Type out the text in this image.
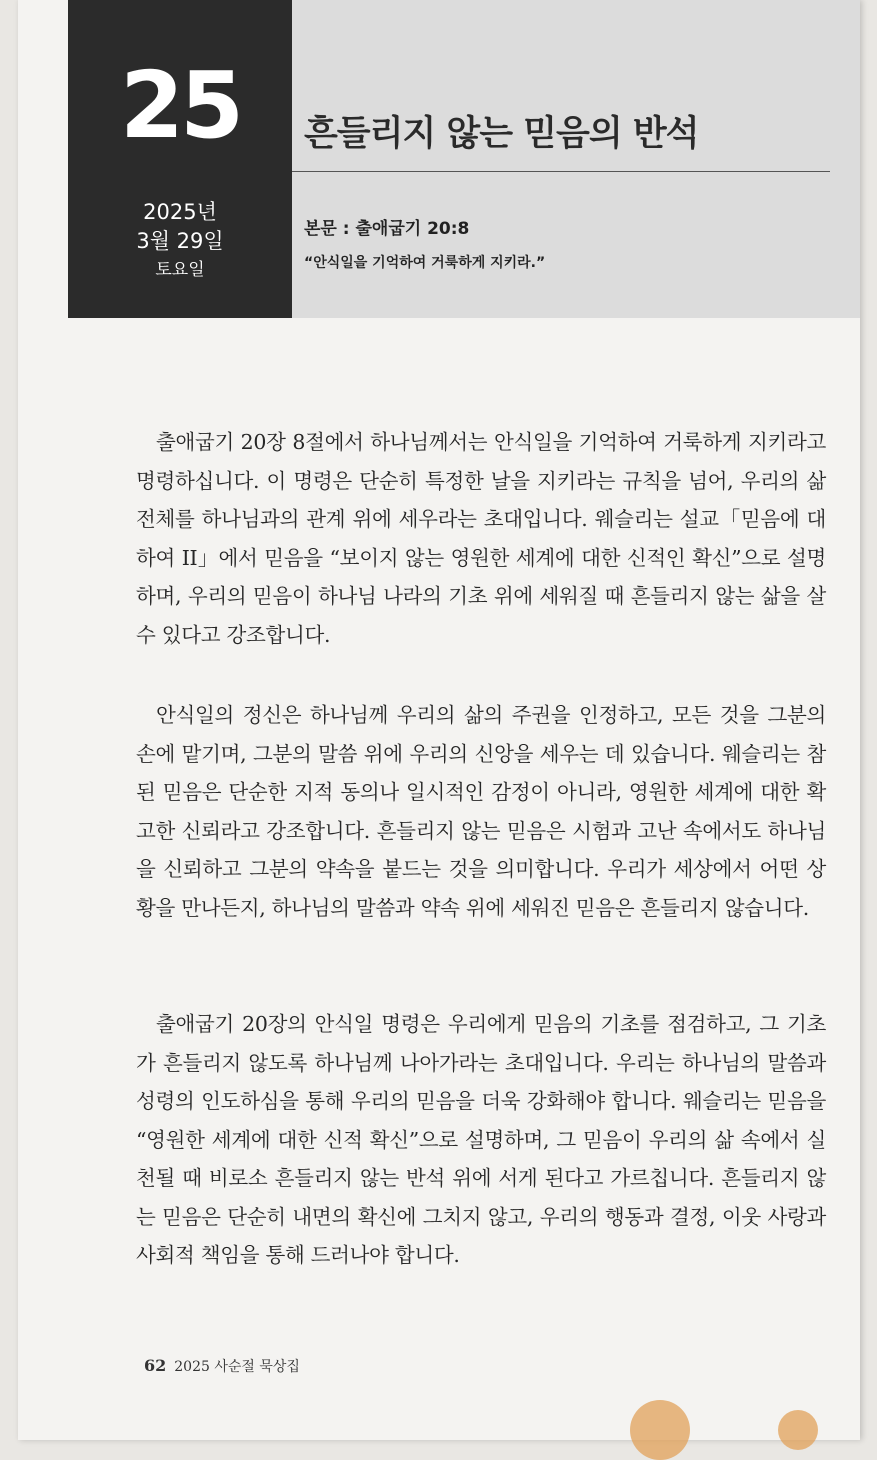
25
2025년
3월 29일
토요일
흔들리지 않는 믿음의 반석
본문 : 출애굽기 20:8
“안식일을 기억하여 거룩하게 지키라.”

출애굽기 20장 8절에서 하나님께서는 안식일을 기억하여 거룩하게 지키라고 명령하십니다. 이 명령은 단순히 특정한 날을 지키라는 규칙을 넘어, 우리의 삶 전체를 하나님과의 관계 위에 세우라는 초대입니다. 웨슬리는 설교「믿음에 대하여 II」에서 믿음을 “보이지 않는 영원한 세계에 대한 신적인 확신”으로 설명하며, 우리의 믿음이 하나님 나라의 기초 위에 세워질 때 흔들리지 않는 삶을 살 수 있다고 강조합니다.

안식일의 정신은 하나님께 우리의 삶의 주권을 인정하고, 모든 것을 그분의 손에 맡기며, 그분의 말씀 위에 우리의 신앙을 세우는 데 있습니다. 웨슬리는 참된 믿음은 단순한 지적 동의나 일시적인 감정이 아니라, 영원한 세계에 대한 확고한 신뢰라고 강조합니다. 흔들리지 않는 믿음은 시험과 고난 속에서도 하나님을 신뢰하고 그분의 약속을 붙드는 것을 의미합니다. 우리가 세상에서 어떤 상황을 만나든지, 하나님의 말씀과 약속 위에 세워진 믿음은 흔들리지 않습니다.

출애굽기 20장의 안식일 명령은 우리에게 믿음의 기초를 점검하고, 그 기초가 흔들리지 않도록 하나님께 나아가라는 초대입니다. 우리는 하나님의 말씀과 성령의 인도하심을 통해 우리의 믿음을 더욱 강화해야 합니다. 웨슬리는 믿음을 “영원한 세계에 대한 신적 확신”으로 설명하며, 그 믿음이 우리의 삶 속에서 실천될 때 비로소 흔들리지 않는 반석 위에 서게 된다고 가르칩니다. 흔들리지 않는 믿음은 단순히 내면의 확신에 그치지 않고, 우리의 행동과 결정, 이웃 사랑과 사회적 책임을 통해 드러나야 합니다.

62 2025 사순절 묵상집
